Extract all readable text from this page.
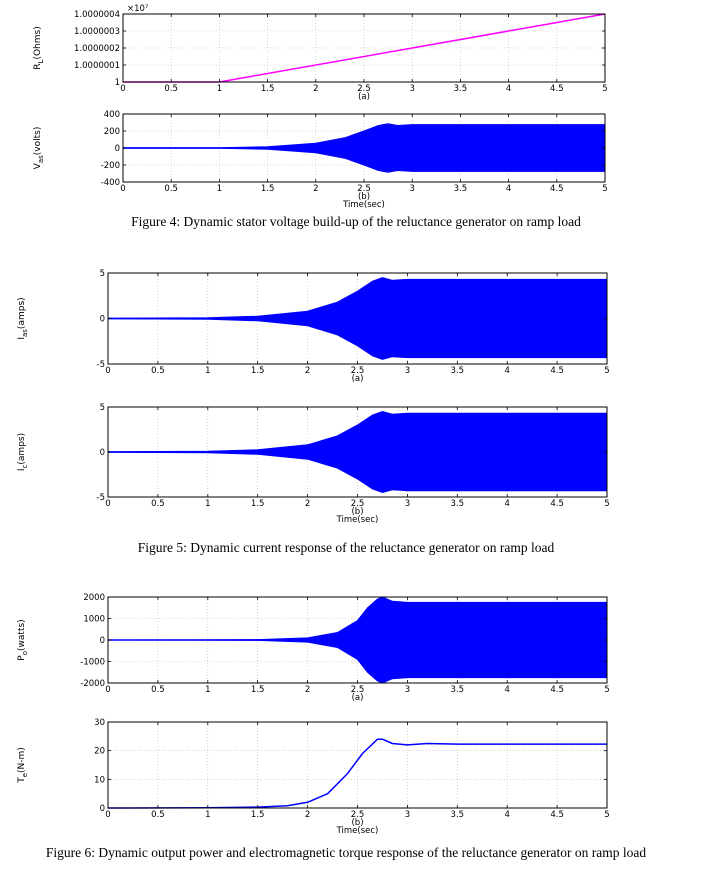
0	0.5	1	1.5	2	2.5	3	3.5	4	4.5	5
1
1.0000001
1.0000002
1.0000003
1.0000004
(a)
×10⁷
$R_L(Ohms)$
0	0.5	1	1.5	2	2.5	3	3.5	4	4.5	5
-400
-200
0
200
400
(b)
Time(sec)
$V_{as}(volts)$
0	0.5	1	1.5	2	2.5	3	3.5	4	4.5	5
-5
0
5
(a)
$I_{as}(amps)$
0	0.5	1	1.5	2	2.5	3	3.5	4	4.5	5
-5
0
5
(b)
Time(sec)
$I_c(amps)$
0	0.5	1	1.5	2	2.5	3	3.5	4	4.5	5
-2000
-1000
0
1000
2000
(a)
$P_o(watts)$
0	0.5	1	1.5	2	2.5	3	3.5	4	4.5	5
0
10
20
30
(b)
Time(sec)
$T_e(N-m)$
Figure 4: Dynamic stator voltage build-up of the reluctance generator on ramp load
Figure 5: Dynamic current response of the reluctance generator on ramp load
Figure 6: Dynamic output power and electromagnetic torque response of the reluctance generator on ramp load
